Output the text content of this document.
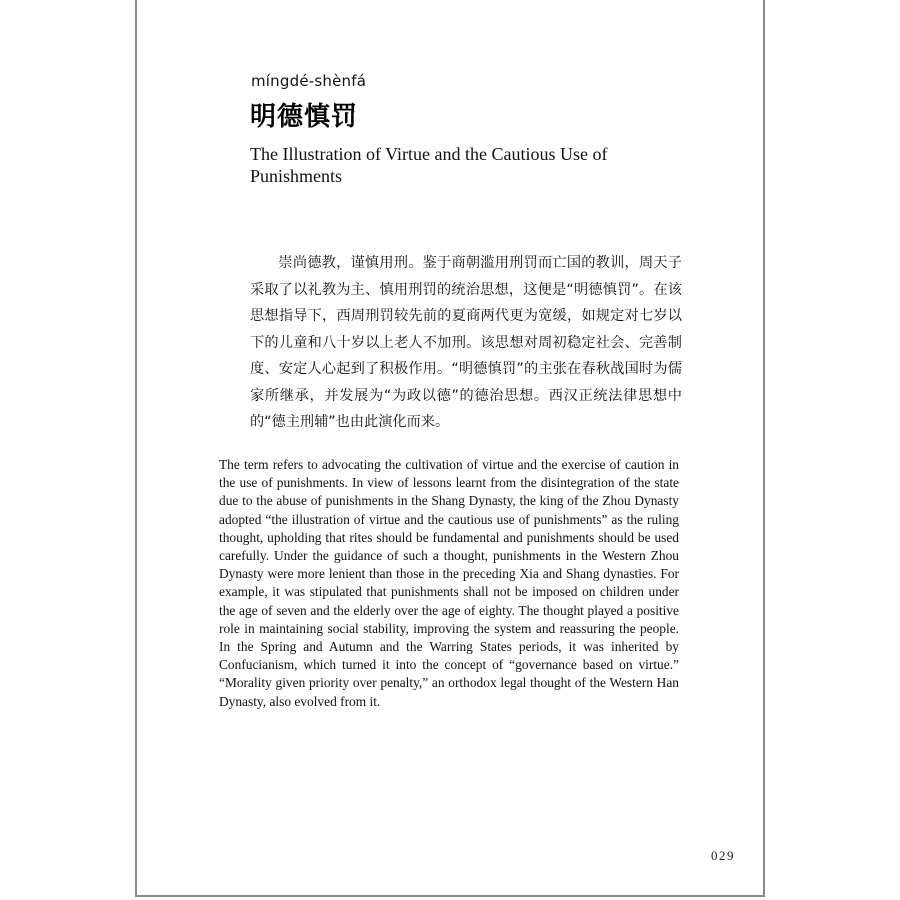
míngdé-shènfá
明德慎罚
The Illustration of Virtue and the Cautious Use of Punishments

崇尚德教，谨慎用刑。鉴于商朝滥用刑罚而亡国的教训，周天子采取了以礼教为主、慎用刑罚的统治思想，这便是“明德慎罚”。在该思想指导下，西周刑罚较先前的夏商两代更为宽缓，如规定对七岁以下的儿童和八十岁以上老人不加刑。该思想对周初稳定社会、完善制度、安定人心起到了积极作用。“明德慎罚”的主张在春秋战国时为儒家所继承，并发展为“为政以德”的德治思想。西汉正统法律思想中的“德主刑辅”也由此演化而来。

The term refers to advocating the cultivation of virtue and the exercise of caution in the use of punishments. In view of lessons learnt from the disintegration of the state due to the abuse of punishments in the Shang Dynasty, the king of the Zhou Dynasty adopted “the illustration of virtue and the cautious use of punishments” as the ruling thought, upholding that rites should be fundamental and punishments should be used carefully. Under the guidance of such a thought, punishments in the Western Zhou Dynasty were more lenient than those in the preceding Xia and Shang dynasties. For example, it was stipulated that punishments shall not be imposed on children under the age of seven and the elderly over the age of eighty. The thought played a positive role in maintaining social stability, improving the system and reassuring the people. In the Spring and Autumn and the Warring States periods, it was inherited by Confucianism, which turned it into the concept of “governance based on virtue.” “Morality given priority over penalty,” an orthodox legal thought of the Western Han Dynasty, also evolved from it.

029
